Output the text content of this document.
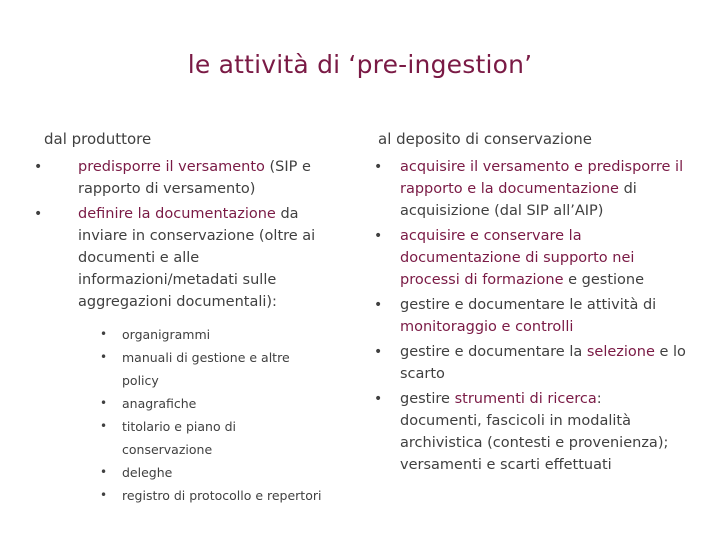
le attività di ‘pre-ingestion’
dal produttore
• predisporre il versamento (SIP e rapporto di versamento)
• definire la documentazione da inviare in conservazione (oltre ai documenti e alle informazioni/metadati sulle aggregazioni documentali):
• organigrammi
• manuali di gestione e altre policy
• anagrafiche
• titolario e piano di conservazione
• deleghe
• registro di protocollo e repertori
al deposito di conservazione
• acquisire il versamento e predisporre il rapporto e la documentazione di acquisizione (dal SIP all’AIP)
• acquisire e conservare la documentazione di supporto nei processi di formazione e gestione
• gestire e documentare le attività di monitoraggio e controlli
• gestire e documentare la selezione e lo scarto
• gestire strumenti di ricerca: documenti, fascicoli in modalità archivistica (contesti e provenienza); versamenti e scarti effettuati
